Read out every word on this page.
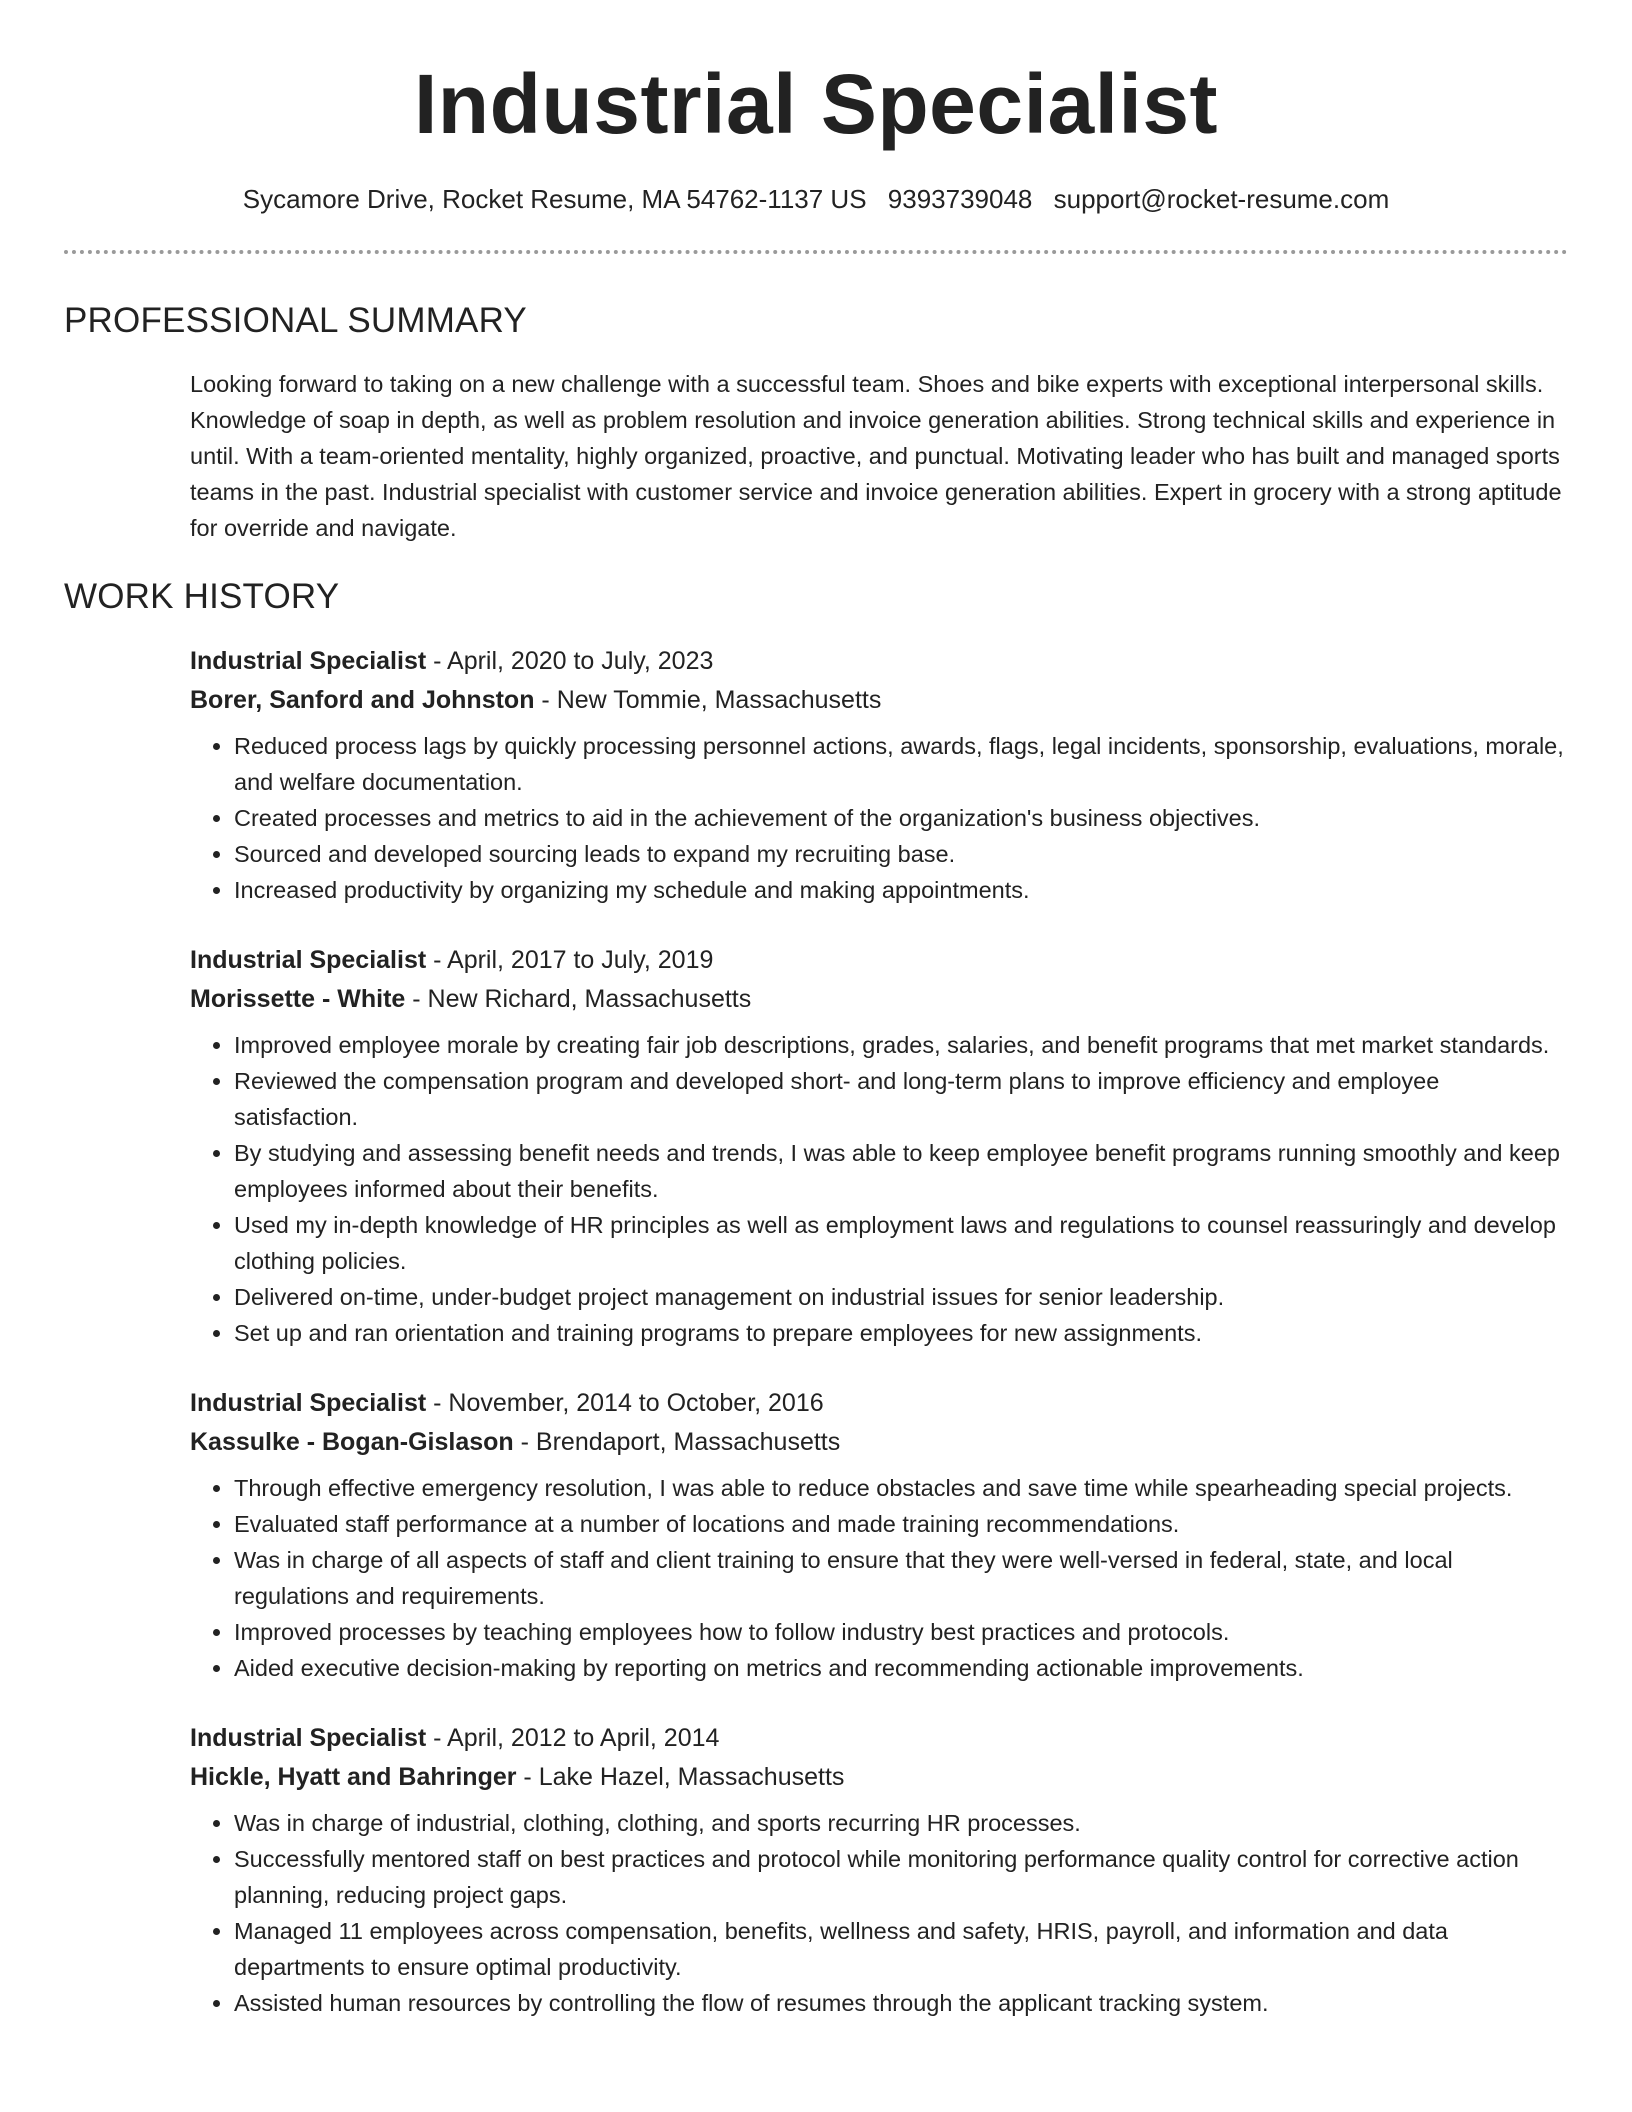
Industrial Specialist
Sycamore Drive, Rocket Resume, MA 54762-1137 US 9393739048 support@rocket-resume.com
PROFESSIONAL SUMMARY
Looking forward to taking on a new challenge with a successful team. Shoes and bike experts with exceptional interpersonal skills. Knowledge of soap in depth, as well as problem resolution and invoice generation abilities. Strong technical skills and experience in until. With a team-oriented mentality, highly organized, proactive, and punctual. Motivating leader who has built and managed sports teams in the past. Industrial specialist with customer service and invoice generation abilities. Expert in grocery with a strong aptitude for override and navigate.
WORK HISTORY
Industrial Specialist - April, 2020 to July, 2023
Borer, Sanford and Johnston - New Tommie, Massachusetts
• Reduced process lags by quickly processing personnel actions, awards, flags, legal incidents, sponsorship, evaluations, morale, and welfare documentation.
• Created processes and metrics to aid in the achievement of the organization's business objectives.
• Sourced and developed sourcing leads to expand my recruiting base.
• Increased productivity by organizing my schedule and making appointments.
Industrial Specialist - April, 2017 to July, 2019
Morissette - White - New Richard, Massachusetts
• Improved employee morale by creating fair job descriptions, grades, salaries, and benefit programs that met market standards.
• Reviewed the compensation program and developed short- and long-term plans to improve efficiency and employee satisfaction.
• By studying and assessing benefit needs and trends, I was able to keep employee benefit programs running smoothly and keep employees informed about their benefits.
• Used my in-depth knowledge of HR principles as well as employment laws and regulations to counsel reassuringly and develop clothing policies.
• Delivered on-time, under-budget project management on industrial issues for senior leadership.
• Set up and ran orientation and training programs to prepare employees for new assignments.
Industrial Specialist - November, 2014 to October, 2016
Kassulke - Bogan-Gislason - Brendaport, Massachusetts
• Through effective emergency resolution, I was able to reduce obstacles and save time while spearheading special projects.
• Evaluated staff performance at a number of locations and made training recommendations.
• Was in charge of all aspects of staff and client training to ensure that they were well-versed in federal, state, and local regulations and requirements.
• Improved processes by teaching employees how to follow industry best practices and protocols.
• Aided executive decision-making by reporting on metrics and recommending actionable improvements.
Industrial Specialist - April, 2012 to April, 2014
Hickle, Hyatt and Bahringer - Lake Hazel, Massachusetts
• Was in charge of industrial, clothing, clothing, and sports recurring HR processes.
• Successfully mentored staff on best practices and protocol while monitoring performance quality control for corrective action planning, reducing project gaps.
• Managed 11 employees across compensation, benefits, wellness and safety, HRIS, payroll, and information and data departments to ensure optimal productivity.
• Assisted human resources by controlling the flow of resumes through the applicant tracking system.
